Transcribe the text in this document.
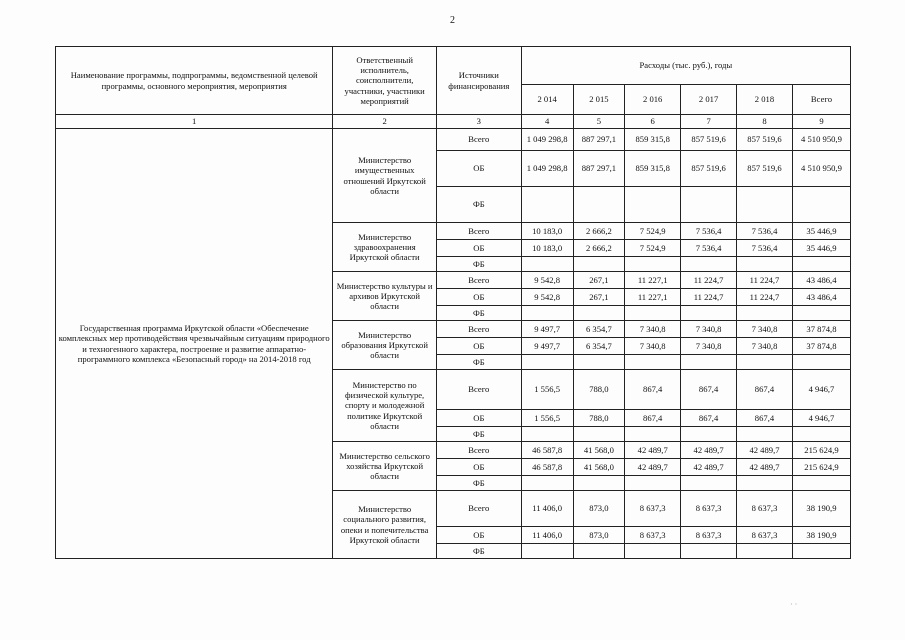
2
Наименование программы, подпрограммы, ведомственной целевой программы, основного мероприятия, мероприятия	Ответственный исполнитель, соисполнители, участники, участники мероприятий	Источники финансирования	Расходы (тыс. руб.), годы					
			2 014	2 015	2 016	2 017	2 018	Всего
1	2	3	4	5	6	7	8	9
Государственная программа Иркутской области «Обеспечение комплексных мер противодействия чрезвычайным ситуациям природного и техногенного характера, построение и развитие аппаратно-программного комплекса «Безопасный город» на 2014-2018 год	Министерство имущественных отношений Иркутской области	Всего	1 049 298,8	887 297,1	859 315,8	857 519,6	857 519,6	4 510 950,9
		ОБ	1 049 298,8	887 297,1	859 315,8	857 519,6	857 519,6	4 510 950,9
		ФБ						
	Министерство здравоохранения Иркутской области	Всего	10 183,0	2 666,2	7 524,9	7 536,4	7 536,4	35 446,9
		ОБ	10 183,0	2 666,2	7 524,9	7 536,4	7 536,4	35 446,9
		ФБ						
	Министерство культуры и архивов Иркутской области	Всего	9 542,8	267,1	11 227,1	11 224,7	11 224,7	43 486,4
		ОБ	9 542,8	267,1	11 227,1	11 224,7	11 224,7	43 486,4
		ФБ						
	Министерство образования Иркутской области	Всего	9 497,7	6 354,7	7 340,8	7 340,8	7 340,8	37 874,8
		ОБ	9 497,7	6 354,7	7 340,8	7 340,8	7 340,8	37 874,8
		ФБ						
	Министерство по физической культуре, спорту и молодежной политике Иркутской области	Всего	1 556,5	788,0	867,4	867,4	867,4	4 946,7
		ОБ	1 556,5	788,0	867,4	867,4	867,4	4 946,7
		ФБ						
	Министерство сельского хозяйства Иркутской области	Всего	46 587,8	41 568,0	42 489,7	42 489,7	42 489,7	215 624,9
		ОБ	46 587,8	41 568,0	42 489,7	42 489,7	42 489,7	215 624,9
		ФБ						
	Министерство социального развития, опеки и попечительства Иркутской области	Всего	11 406,0	873,0	8 637,3	8 637,3	8 637,3	38 190,9
		ОБ	11 406,0	873,0	8 637,3	8 637,3	8 637,3	38 190,9
		ФБ						
· ·
